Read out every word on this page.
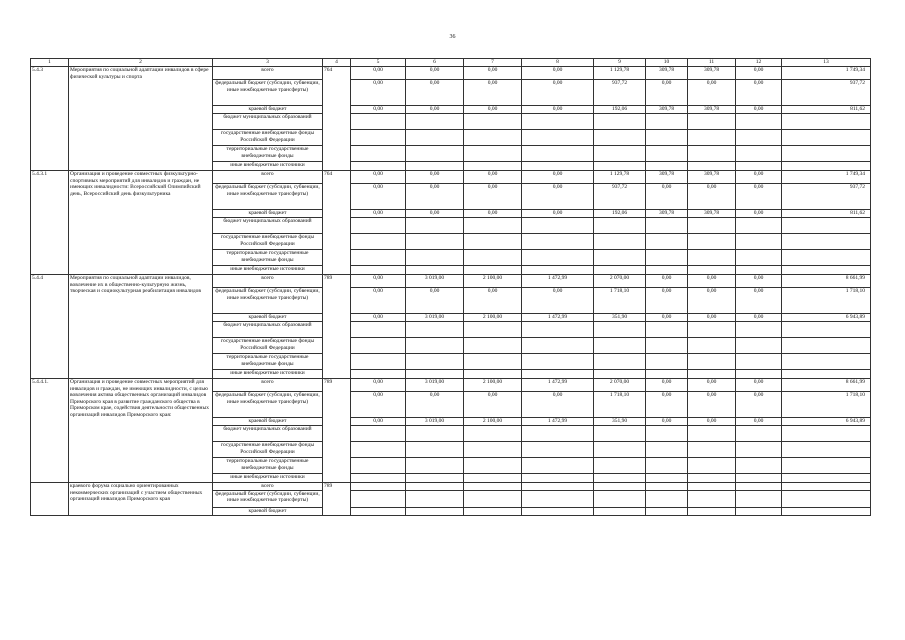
36
1	2	3	4	5	6	7	8	9	10	11	12	13
5.4.3	Мероприятия по социальной адаптации инвалидов в сфере физической культуры и спорта	всего	764	0,00	0,00	0,00	0,00	1 129,78	309,78	309,78	0,00	1 749,34
		федеральный бюджет (субсидии, субвенции, иные межбюджетные трансферты)		0,00	0,00	0,00	0,00	937,72	0,00	0,00	0,00	937,72
		краевой бюджет		0,00	0,00	0,00	0,00	192,06	309,78	309,78	0,00	811,62
		бюджет муниципальных образований										
		государственные внебюджетные фонды Российской Федерации										
		территориальные государственные внебюджетные фонды										
		иные внебюджетные источники										
5.4.3.1	Организация и проведение совместных физкультурно-спортивных мероприятий для инвалидов и граждан, не имеющих инвалидности: Всероссийский Олимпийский день, Всероссийский день физкультурника	всего	764	0,00	0,00	0,00	0,00	1 129,78	309,78	309,78	0,00	1 749,34
		федеральный бюджет (субсидии, субвенции, иные межбюджетные трансферты)		0,00	0,00	0,00	0,00	937,72	0,00	0,00	0,00	937,72
		краевой бюджет		0,00	0,00	0,00	0,00	192,06	309,78	309,78	0,00	811,62
		бюджет муниципальных образований										
		государственные внебюджетные фонды Российской Федерации										
		территориальные государственные внебюджетные фонды										
		иные внебюджетные источники										
5.4.4	Мероприятия по социальной адаптации инвалидов, вовлечение их в общественно-культурную жизнь, творческая и социокультурная реабилитация инвалидов	всего	789	0,00	3 019,00	2 100,00	1 472,99	2 070,00	0,00	0,00	0,00	8 661,99
		федеральный бюджет (субсидии, субвенции, иные межбюджетные трансферты)		0,00	0,00	0,00	0,00	1 718,10	0,00	0,00	0,00	1 718,10
		краевой бюджет		0,00	3 019,00	2 100,00	1 472,99	351,90	0,00	0,00	0,00	6 943,89
		бюджет муниципальных образований										
		государственные внебюджетные фонды Российской Федерации										
		территориальные государственные внебюджетные фонды										
		иные внебюджетные источники										
5.4.4.1.	Организация и проведение совместных мероприятий для инвалидов и граждан, не имеющих инвалидности, с целью вовлечения актива общественных организаций инвалидов Приморского края в развитие гражданского общества в Приморском крае, содействия деятельности общественных организаций инвалидов Приморского края:	всего	789	0,00	3 019,00	2 100,00	1 472,99	2 070,00	0,00	0,00	0,00	8 661,99
		федеральный бюджет (субсидии, субвенции, иные межбюджетные трансферты)		0,00	0,00	0,00	0,00	1 718,10	0,00	0,00	0,00	1 718,10
		краевой бюджет		0,00	3 019,00	2 100,00	1 472,99	351,90	0,00	0,00	0,00	6 943,89
		бюджет муниципальных образований										
		государственные внебюджетные фонды Российской Федерации										
		территориальные государственные внебюджетные фонды										
		иные внебюджетные источники										
	краевого форума социально ориентированных некоммерческих организаций с участием общественных организаций инвалидов Приморского края	всего	789									
		федеральный бюджет (субсидии, субвенции, иные межбюджетные трансферты)										
		краевой бюджет										
